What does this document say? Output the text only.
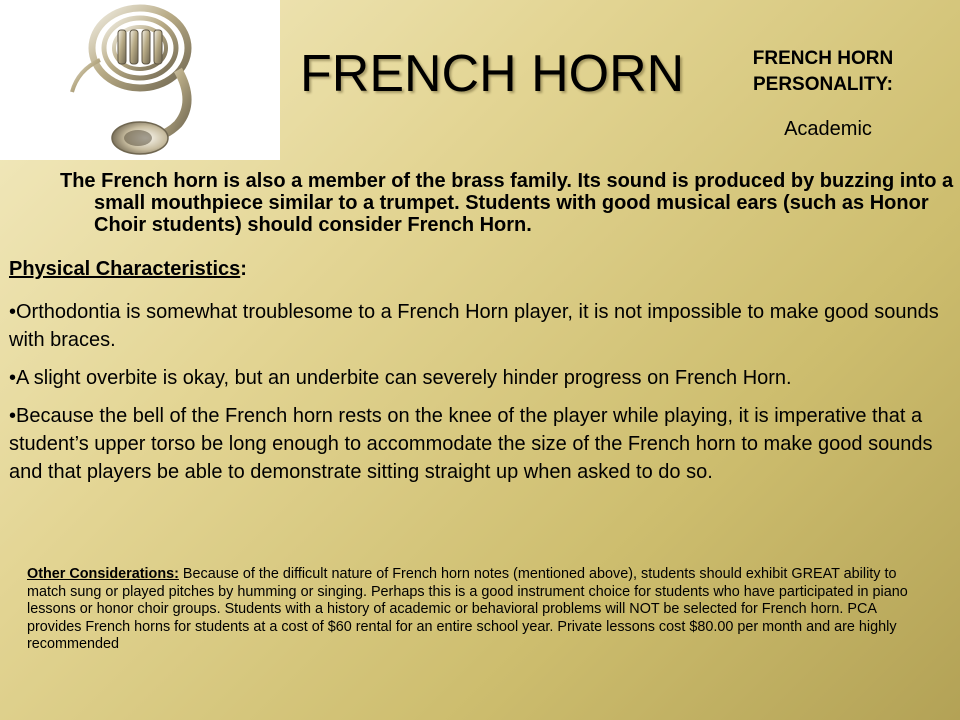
FRENCH HORN	FRENCH HORN
PERSONALITY:
Academic
The French horn is also a member of the brass family. Its sound is produced by buzzing into a small mouthpiece similar to a trumpet. Students with good musical ears (such as Honor Choir students) should consider French Horn.
Physical Characteristics:
•Orthodontia is somewhat troublesome to a French Horn player, it is not impossible to make good sounds with braces.
•A slight overbite is okay, but an underbite can severely hinder progress on French Horn.
•Because the bell of the French horn rests on the knee of the player while playing, it is imperative that a student’s upper torso be long enough to accommodate the size of the French horn to make good sounds and that players be able to demonstrate sitting straight up when asked to do so.
Other Considerations: Because of the difficult nature of French horn notes (mentioned above), students should exhibit GREAT ability to match sung or played pitches by humming or singing. Perhaps this is a good instrument choice for students who have participated in piano lessons or honor choir groups. Students with a history of academic or behavioral problems will NOT be selected for French horn. PCA provides French horns for students at a cost of $60 rental for an entire school year. Private lessons cost $80.00 per month and are highly recommended
